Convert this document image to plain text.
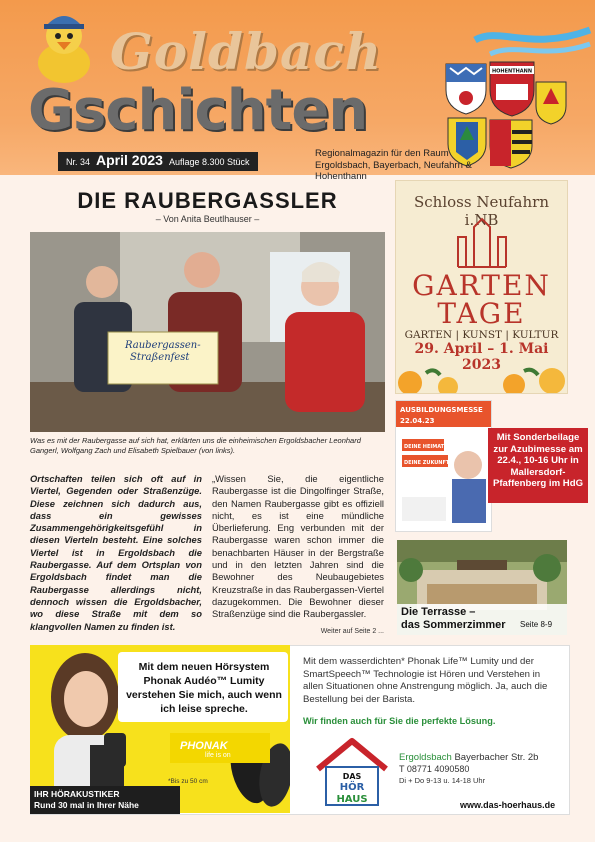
Goldbach
Gschichten
HOHENTHANN
Nr. 34 April 2023 Auflage 8.300 Stück
Regionalmagazin für den Raum Ergoldsbach, Bayerbach, Neufahrn & Hohenthann
DIE RAUBERGASSLER
– Von Anita Beutlhauser –
Raubergassen-
Straßenfest
Was es mit der Raubergasse auf sich hat, erklärten uns die einheimischen Ergoldsbacher Leonhard Gangerl, Wolfgang Zach und Elisabeth Spielbauer (von links).
Ortschaften teilen sich oft auf in Viertel, Gegenden oder Straßenzüge. Diese zeichnen sich dadurch aus, dass ein gewisses Zusammengehörigkeitsgefühl in diesen Vierteln besteht. Eine solches Viertel ist in Ergoldsbach die Raubergasse. Auf dem Ortsplan von Ergoldsbach findet man die Raubergasse allerdings nicht, dennoch wissen die Ergoldsbacher, wo diese Straße mit dem so klangvollen Namen zu finden ist.
„Wissen Sie, die eigentliche Raubergasse ist die Dingolfinger Straße, den Namen Raubergasse gibt es offiziell nicht, es ist eine mündliche Überlieferung. Eng verbunden mit der Raubergasse waren schon immer die benachbarten Häuser in der Bergstraße und in den letzten Jahren sind die Bewohner des Neubaugebietes Kreuzstraße in das Raubergassen-Viertel dazugekommen. Die Bewohner dieser Straßenzüge sind die Raubergassler.
Weiter auf Seite 2 ...
Schloss Neufahrn i.NB
GARTEN
TAGE
GARTEN | KUNST | KULTUR
29. April – 1. Mai
2023
AUSBILDUNGSMESSE
22.04.23
DEINE HEIMAT
DEINE ZUKUNFT!
Mit Sonderbeilage zur Azubimesse am 22.4., 10-16 Uhr in Mallersdorf-Pfaffenberg im HdG
Die Terrasse –
das Sommerzimmer Seite 8-9
Mit dem neuen Hörsystem Phonak Audéo™ Lumity verstehen Sie mich, auch wenn ich leise spreche.
PHONAK
life is on
*Bis zu 50 cm
IHR HÖRAKUSTIKER
Rund 30 mal in Ihrer Nähe
Mit dem wasserdichten* Phonak Life™ Lumity und der SmartSpeech™ Technologie ist Hören und Verstehen in allen Situationen ohne Anstrengung möglich. Ja, auch die Bestellung bei der Barista.
Wir finden auch für Sie die perfekte Lösung.
DAS
HÖR
HAUS
Ergoldsbach Bayerbacher Str. 2b
T 08771 4090580
Di + Do 9-13 u. 14-18 Uhr
www.das-hoerhaus.de
